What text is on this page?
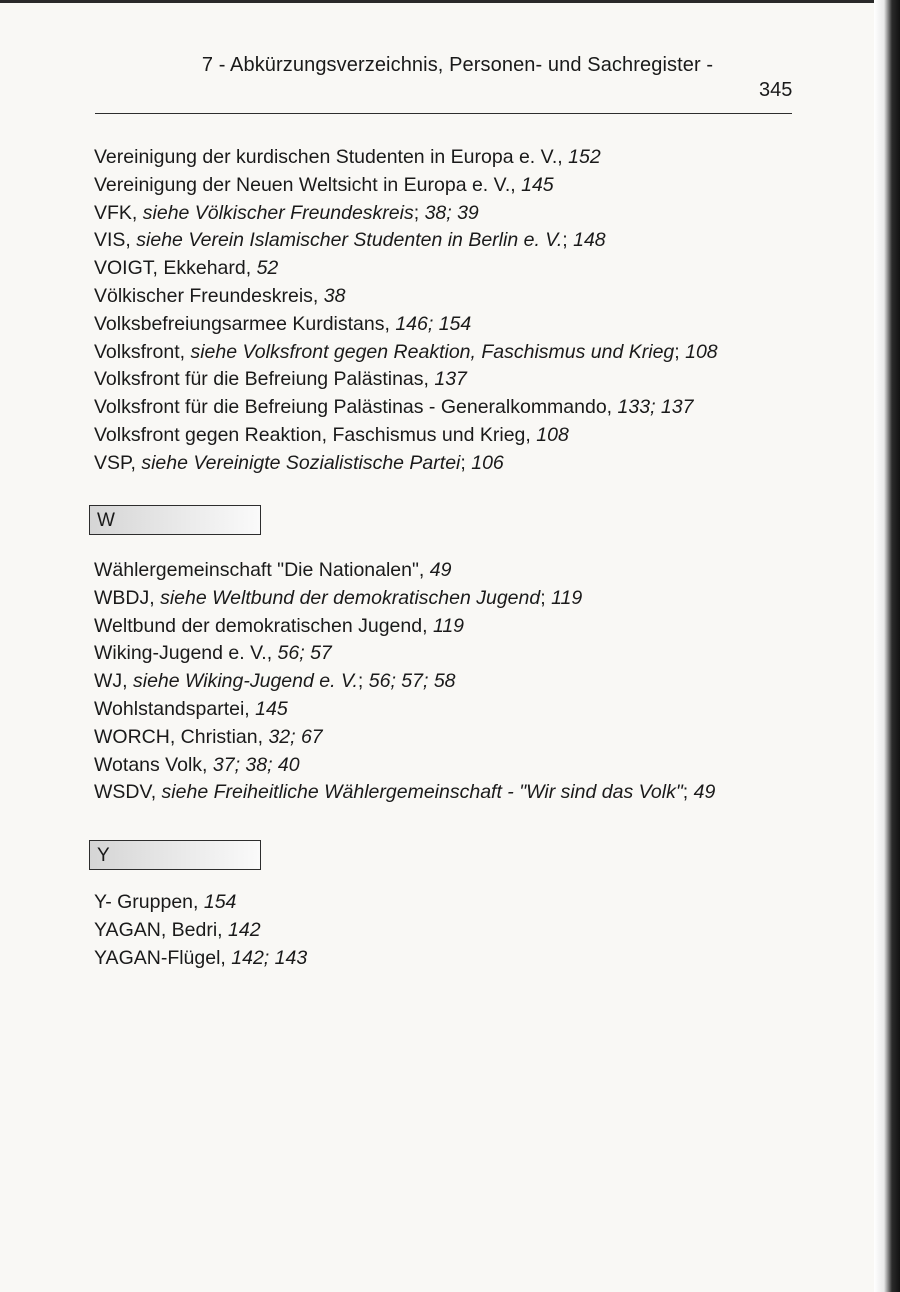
7 - Abkürzungsverzeichnis, Personen- und Sachregister -
345
Vereinigung der kurdischen Studenten in Europa e. V., 152
Vereinigung der Neuen Weltsicht in Europa e. V., 145
VFK, siehe Völkischer Freundeskreis; 38; 39
VIS, siehe Verein Islamischer Studenten in Berlin e. V.; 148
VOIGT, Ekkehard, 52
Völkischer Freundeskreis, 38
Volksbefreiungsarmee Kurdistans, 146; 154
Volksfront, siehe Volksfront gegen Reaktion, Faschismus und Krieg; 108
Volksfront für die Befreiung Palästinas, 137
Volksfront für die Befreiung Palästinas - Generalkommando, 133; 137
Volksfront gegen Reaktion, Faschismus und Krieg, 108
VSP, siehe Vereinigte Sozialistische Partei; 106
W
Wählergemeinschaft "Die Nationalen", 49
WBDJ, siehe Weltbund der demokratischen Jugend; 119
Weltbund der demokratischen Jugend, 119
Wiking-Jugend e. V., 56; 57
WJ, siehe Wiking-Jugend e. V.; 56; 57; 58
Wohlstandspartei, 145
WORCH, Christian, 32; 67
Wotans Volk, 37; 38; 40
WSDV, siehe Freiheitliche Wählergemeinschaft - "Wir sind das Volk"; 49
Y
Y- Gruppen, 154
YAGAN, Bedri, 142
YAGAN-Flügel, 142; 143
